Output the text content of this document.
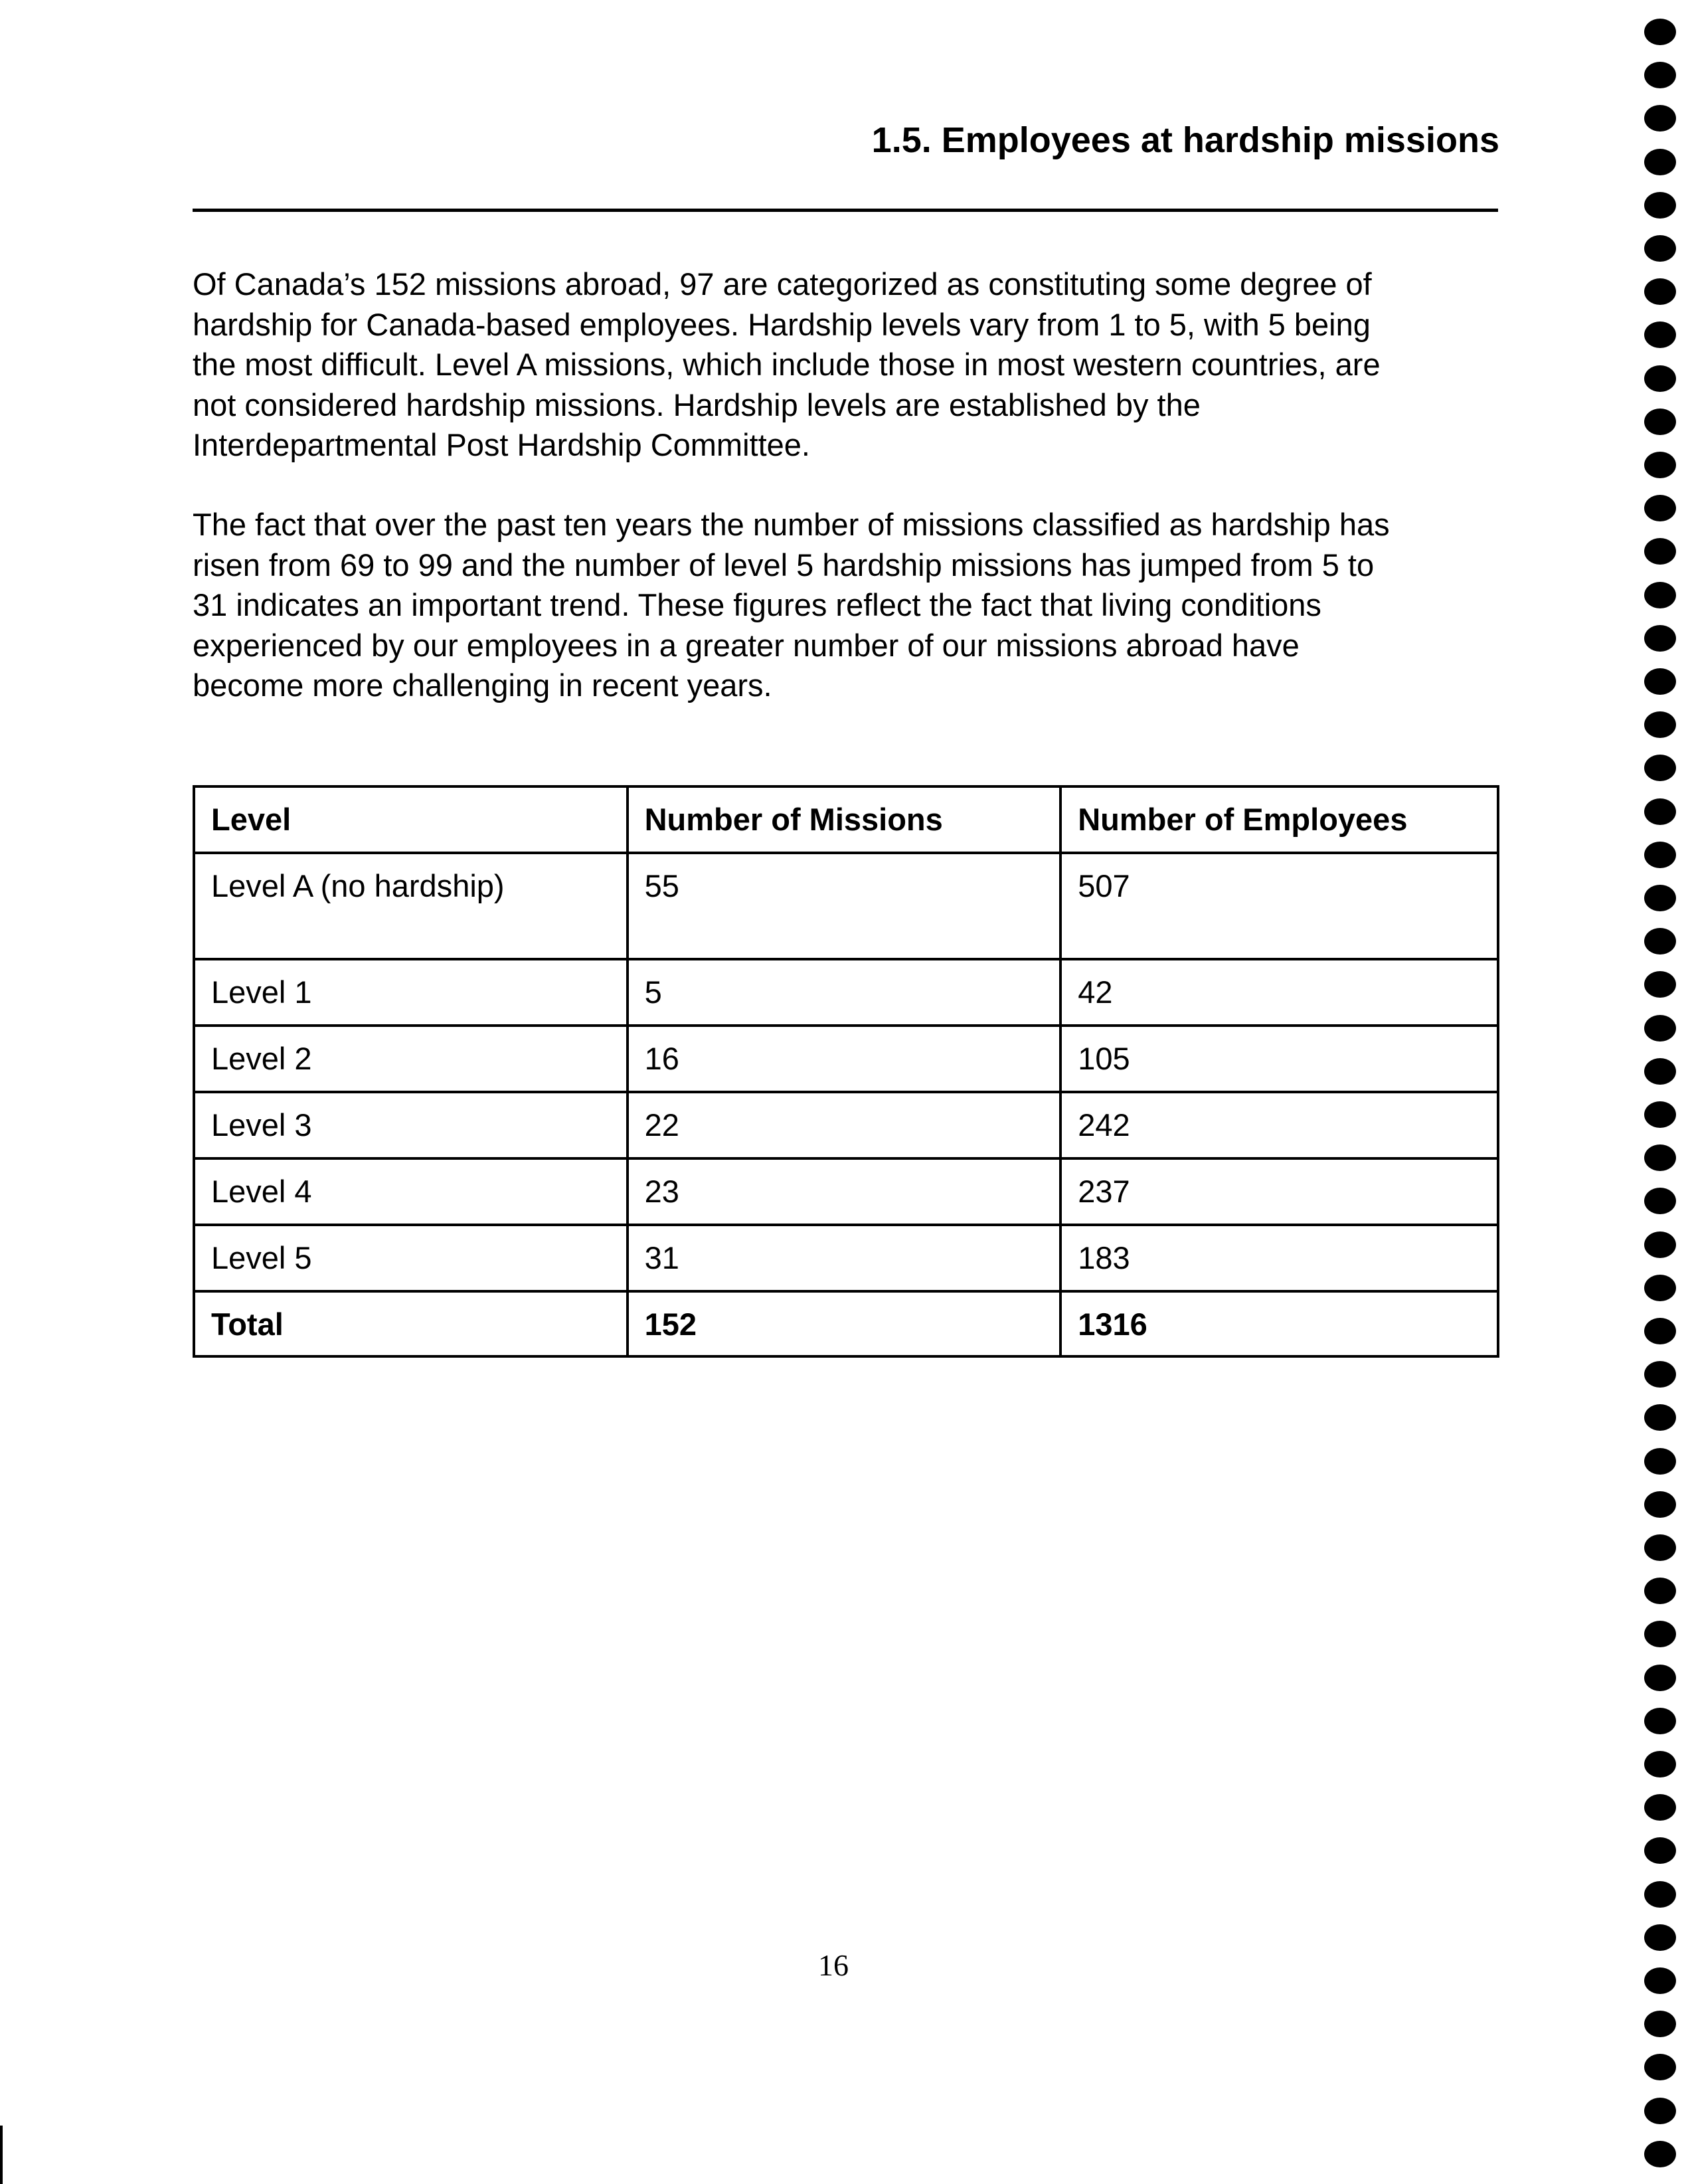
1.5. Employees at hardship missions
Of Canada’s 152 missions abroad, 97 are categorized as constituting some degree of
hardship for Canada-based employees. Hardship levels vary from 1 to 5, with 5 being
the most difficult. Level A missions, which include those in most western countries, are
not considered hardship missions. Hardship levels are established by the
Interdepartmental Post Hardship Committee.
The fact that over the past ten years the number of missions classified as hardship has
risen from 69 to 99 and the number of level 5 hardship missions has jumped from 5 to
31 indicates an important trend. These figures reflect the fact that living conditions
experienced by our employees in a greater number of our missions abroad have
become more challenging in recent years.
Level	Number of Missions	Number of Employees
Level A (no hardship)	55	507
Level 1	5	42
Level 2	16	105
Level 3	22	242
Level 4	23	237
Level 5	31	183
Total	152	1316
16
